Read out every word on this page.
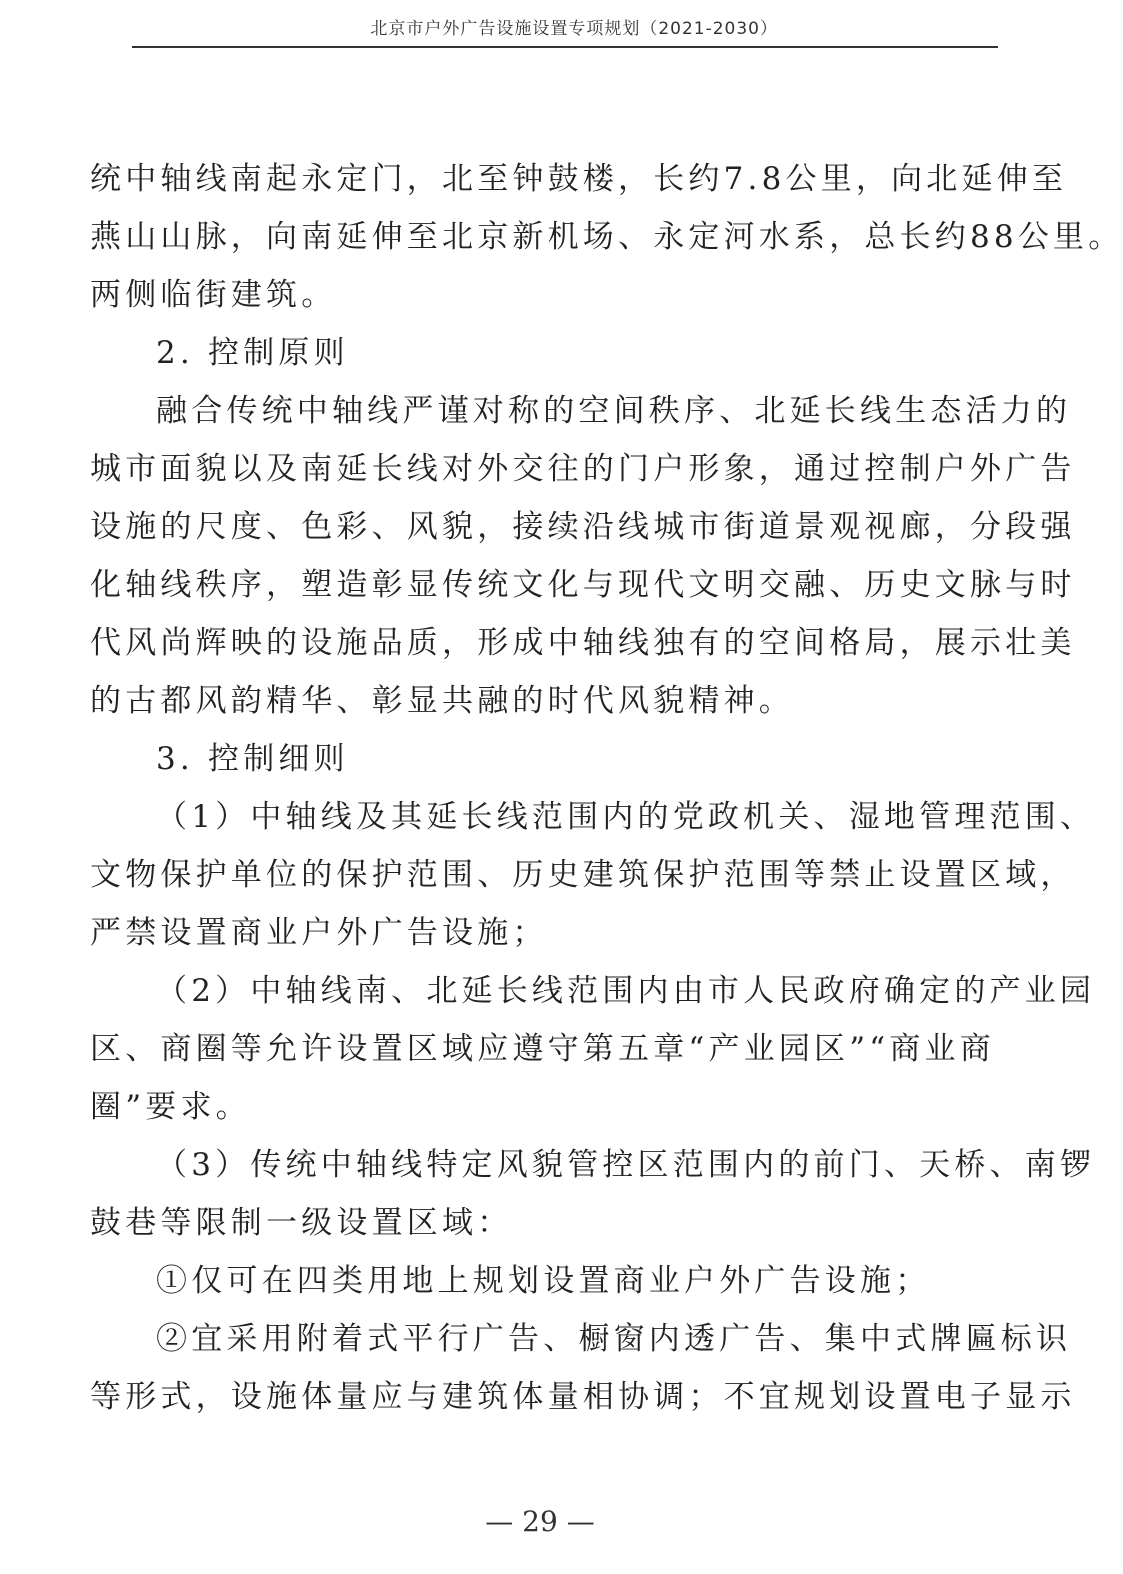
北京市户外广告设施设置专项规划（2021-2030）
统中轴线南起永定门，北至钟鼓楼，长约7.8公里，向北延伸至
燕山山脉，向南延伸至北京新机场、永定河水系，总长约88公里。
两侧临街建筑。
2. 控制原则
融合传统中轴线严谨对称的空间秩序、北延长线生态活力的
城市面貌以及南延长线对外交往的门户形象，通过控制户外广告
设施的尺度、色彩、风貌，接续沿线城市街道景观视廊，分段强
化轴线秩序，塑造彰显传统文化与现代文明交融、历史文脉与时
代风尚辉映的设施品质，形成中轴线独有的空间格局，展示壮美
的古都风韵精华、彰显共融的时代风貌精神。
3. 控制细则
（1）中轴线及其延长线范围内的党政机关、湿地管理范围、
文物保护单位的保护范围、历史建筑保护范围等禁止设置区域，
严禁设置商业户外广告设施；
（2）中轴线南、北延长线范围内由市人民政府确定的产业园
区、商圈等允许设置区域应遵守第五章“产业园区”“商业商
圈”要求。
（3）传统中轴线特定风貌管控区范围内的前门、天桥、南锣
鼓巷等限制一级设置区域：
①仅可在四类用地上规划设置商业户外广告设施；
②宜采用附着式平行广告、橱窗内透广告、集中式牌匾标识
等形式，设施体量应与建筑体量相协调；不宜规划设置电子显示
— 29 —
